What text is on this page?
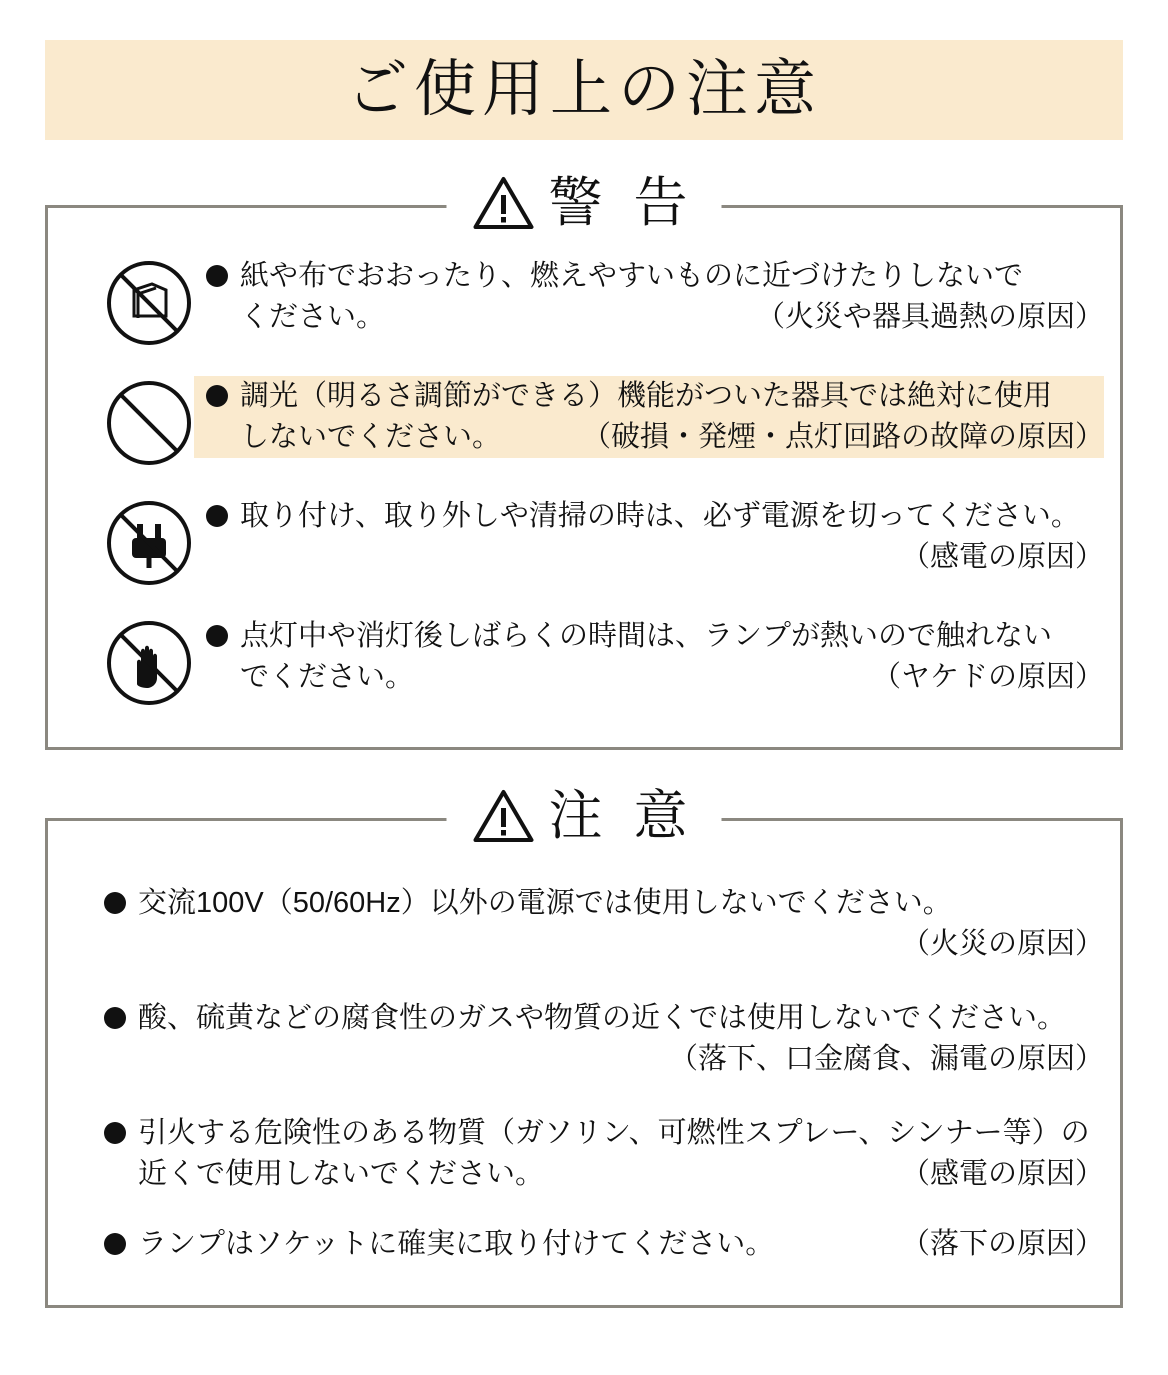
ご使用上の注意
警 告
紙や布でおおったり、燃えやすいものに近づけたりしないで
ください。	（火災や器具過熱の原因）
調光（明るさ調節ができる）機能がついた器具では絶対に使用
しないでください。	（破損・発煙・点灯回路の故障の原因）
取り付け、取り外しや清掃の時は、必ず電源を切ってください。
（感電の原因）
点灯中や消灯後しばらくの時間は、ランプが熱いので触れない
でください。	（ヤケドの原因）
注 意
交流100V（50/60Hz）以外の電源では使用しないでください。
（火災の原因）
酸、硫黄などの腐食性のガスや物質の近くでは使用しないでください。
（落下、口金腐食、漏電の原因）
引火する危険性のある物質（ガソリン、可燃性スプレー、シンナー等）の
近くで使用しないでください。	（感電の原因）
ランプはソケットに確実に取り付けてください。	（落下の原因）
